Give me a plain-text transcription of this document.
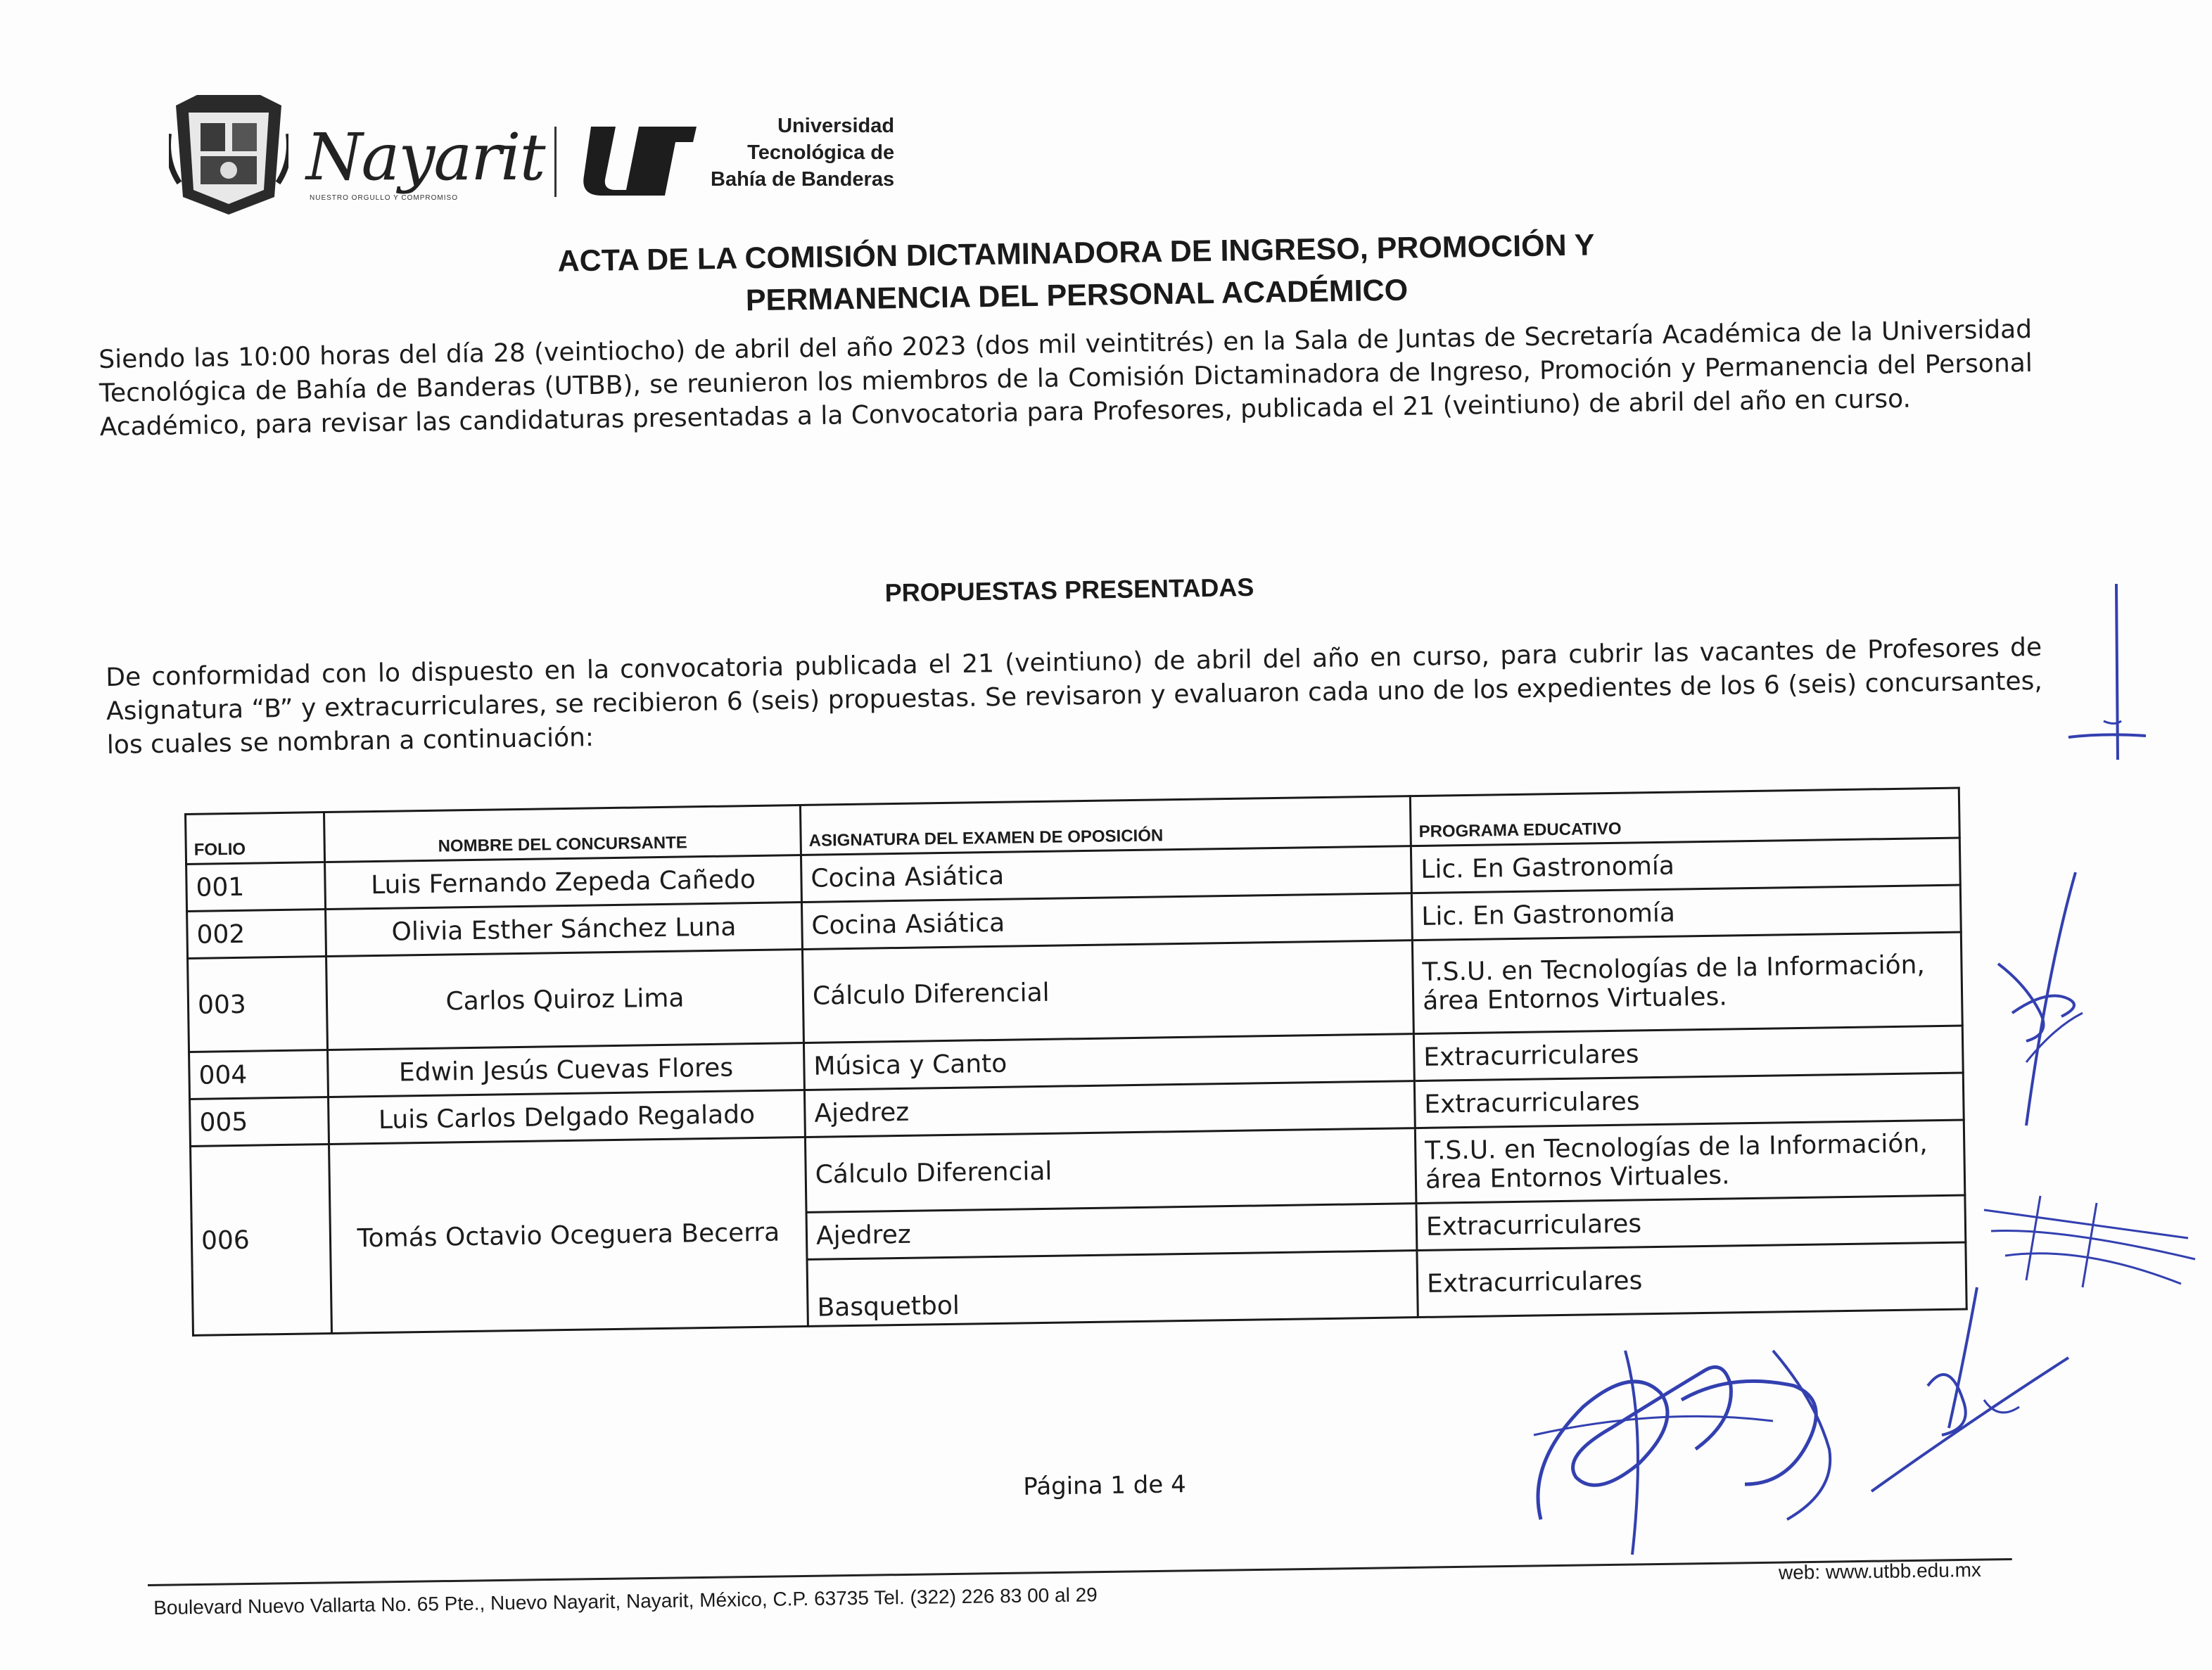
Nayarit
NUESTRO ORGULLO Y COMPROMISO
Universidad
Tecnológica de
Bahía de Banderas
ACTA DE LA COMISIÓN DICTAMINADORA DE INGRESO, PROMOCIÓN Y
PERMANENCIA DEL PERSONAL ACADÉMICO
Siendo las 10:00 horas del día 28 (veintiocho) de abril del año 2023 (dos mil veintitrés) en la Sala de Juntas de Secretaría Académica de la Universidad Tecnológica de Bahía de Banderas (UTBB), se reunieron los miembros de la Comisión Dictaminadora de Ingreso, Promoción y Permanencia del Personal Académico, para revisar las candidaturas presentadas a la Convocatoria para Profesores, publicada el 21 (veintiuno) de abril del año en curso.
PROPUESTAS PRESENTADAS
De conformidad con lo dispuesto en la convocatoria publicada el 21 (veintiuno) de abril del año en curso, para cubrir las vacantes de Profesores de Asignatura “B” y extracurriculares, se recibieron 6 (seis) propuestas. Se revisaron y evaluaron cada uno de los expedientes de los 6 (seis) concursantes, los cuales se nombran a continuación:
FOLIO	NOMBRE DEL CONCURSANTE	ASIGNATURA DEL EXAMEN DE OPOSICIÓN	PROGRAMA EDUCATIVO
001	Luis Fernando Zepeda Cañedo	Cocina Asiática	Lic. En Gastronomía
002	Olivia Esther Sánchez Luna	Cocina Asiática	Lic. En Gastronomía
003	Carlos Quiroz Lima	Cálculo Diferencial	T.S.U. en Tecnologías de la Información, área Entornos Virtuales.
004	Edwin Jesús Cuevas Flores	Música y Canto	Extracurriculares
005	Luis Carlos Delgado Regalado	Ajedrez	Extracurriculares
006	Tomás Octavio Oceguera Becerra	Cálculo Diferencial	T.S.U. en Tecnologías de la Información, área Entornos Virtuales.
		Ajedrez	Extracurriculares
		Basquetbol	Extracurriculares
Página 1 de 4
web: www.utbb.edu.mx
Boulevard Nuevo Vallarta No. 65 Pte., Nuevo Nayarit, Nayarit, México, C.P. 63735 Tel. (322) 226 83 00 al 29
